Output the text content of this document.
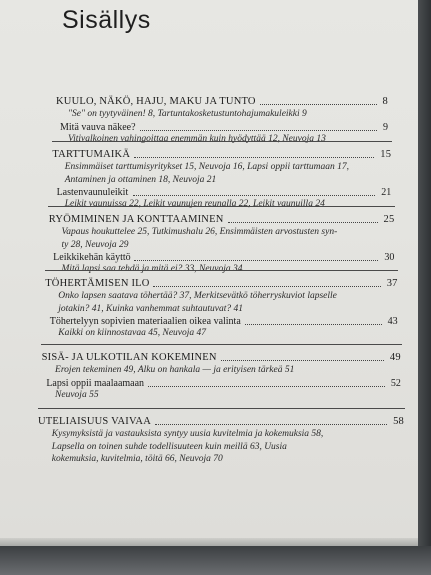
Sisällys
KUULO, NÄKÖ, HAJU, MAKU JA TUNTO	8
"Se" on tyytyväinen! 8, Tartuntakosketustuntohajumakuleikki 9
Mitä vauva näkee?	9
Vitivalkoinen vahingoittaa enemmän kuin hyödyttää 12, Neuvoja 13
TARTTUMAIKÄ	15
Ensimmäiset tarttumisyritykset 15, Neuvoja 16, Lapsi oppii tarttumaan 17,
Antaminen ja ottaminen 18, Neuvoja 21
Lastenvaunuleikit	21
Leikit vaunuissa 22, Leikit vaunujen reunalla 22, Leikit vaunuilla 24
RYÖMIMINEN JA KONTTAAMINEN	25
Vapaus houkuttelee 25, Tutkimushalu 26, Ensimmäisten arvostusten syn-
ty 28, Neuvoja 29
Leikkikehän käyttö	30
Mitä lapsi saa tehdä ja mitä ei? 33, Neuvoja 34
TÖHERTÄMISEN ILO	37
Onko lapsen saatava töhertää? 37, Merkitsevätkö töherryskuviot lapselle
jotakin? 41, Kuinka vanhemmat suhtautuvat? 41
Töhertelyyn sopivien materiaalien oikea valinta	43
Kaikki on kiinnostavaa 45, Neuvoja 47
SISÄ- JA ULKOTILAN KOKEMINEN	49
Erojen tekeminen 49, Alku on hankala — ja erityisen tärkeä 51
Lapsi oppii maalaamaan	52
Neuvoja 55
UTELIAISUUS VAIVAA	58
Kysymyksistä ja vastauksista syntyy uusia kuvitelmia ja kokemuksia 58,
Lapsella on toinen suhde todellisuuteen kuin meillä 63, Uusia
kokemuksia, kuvitelmia, töitä 66, Neuvoja 70
